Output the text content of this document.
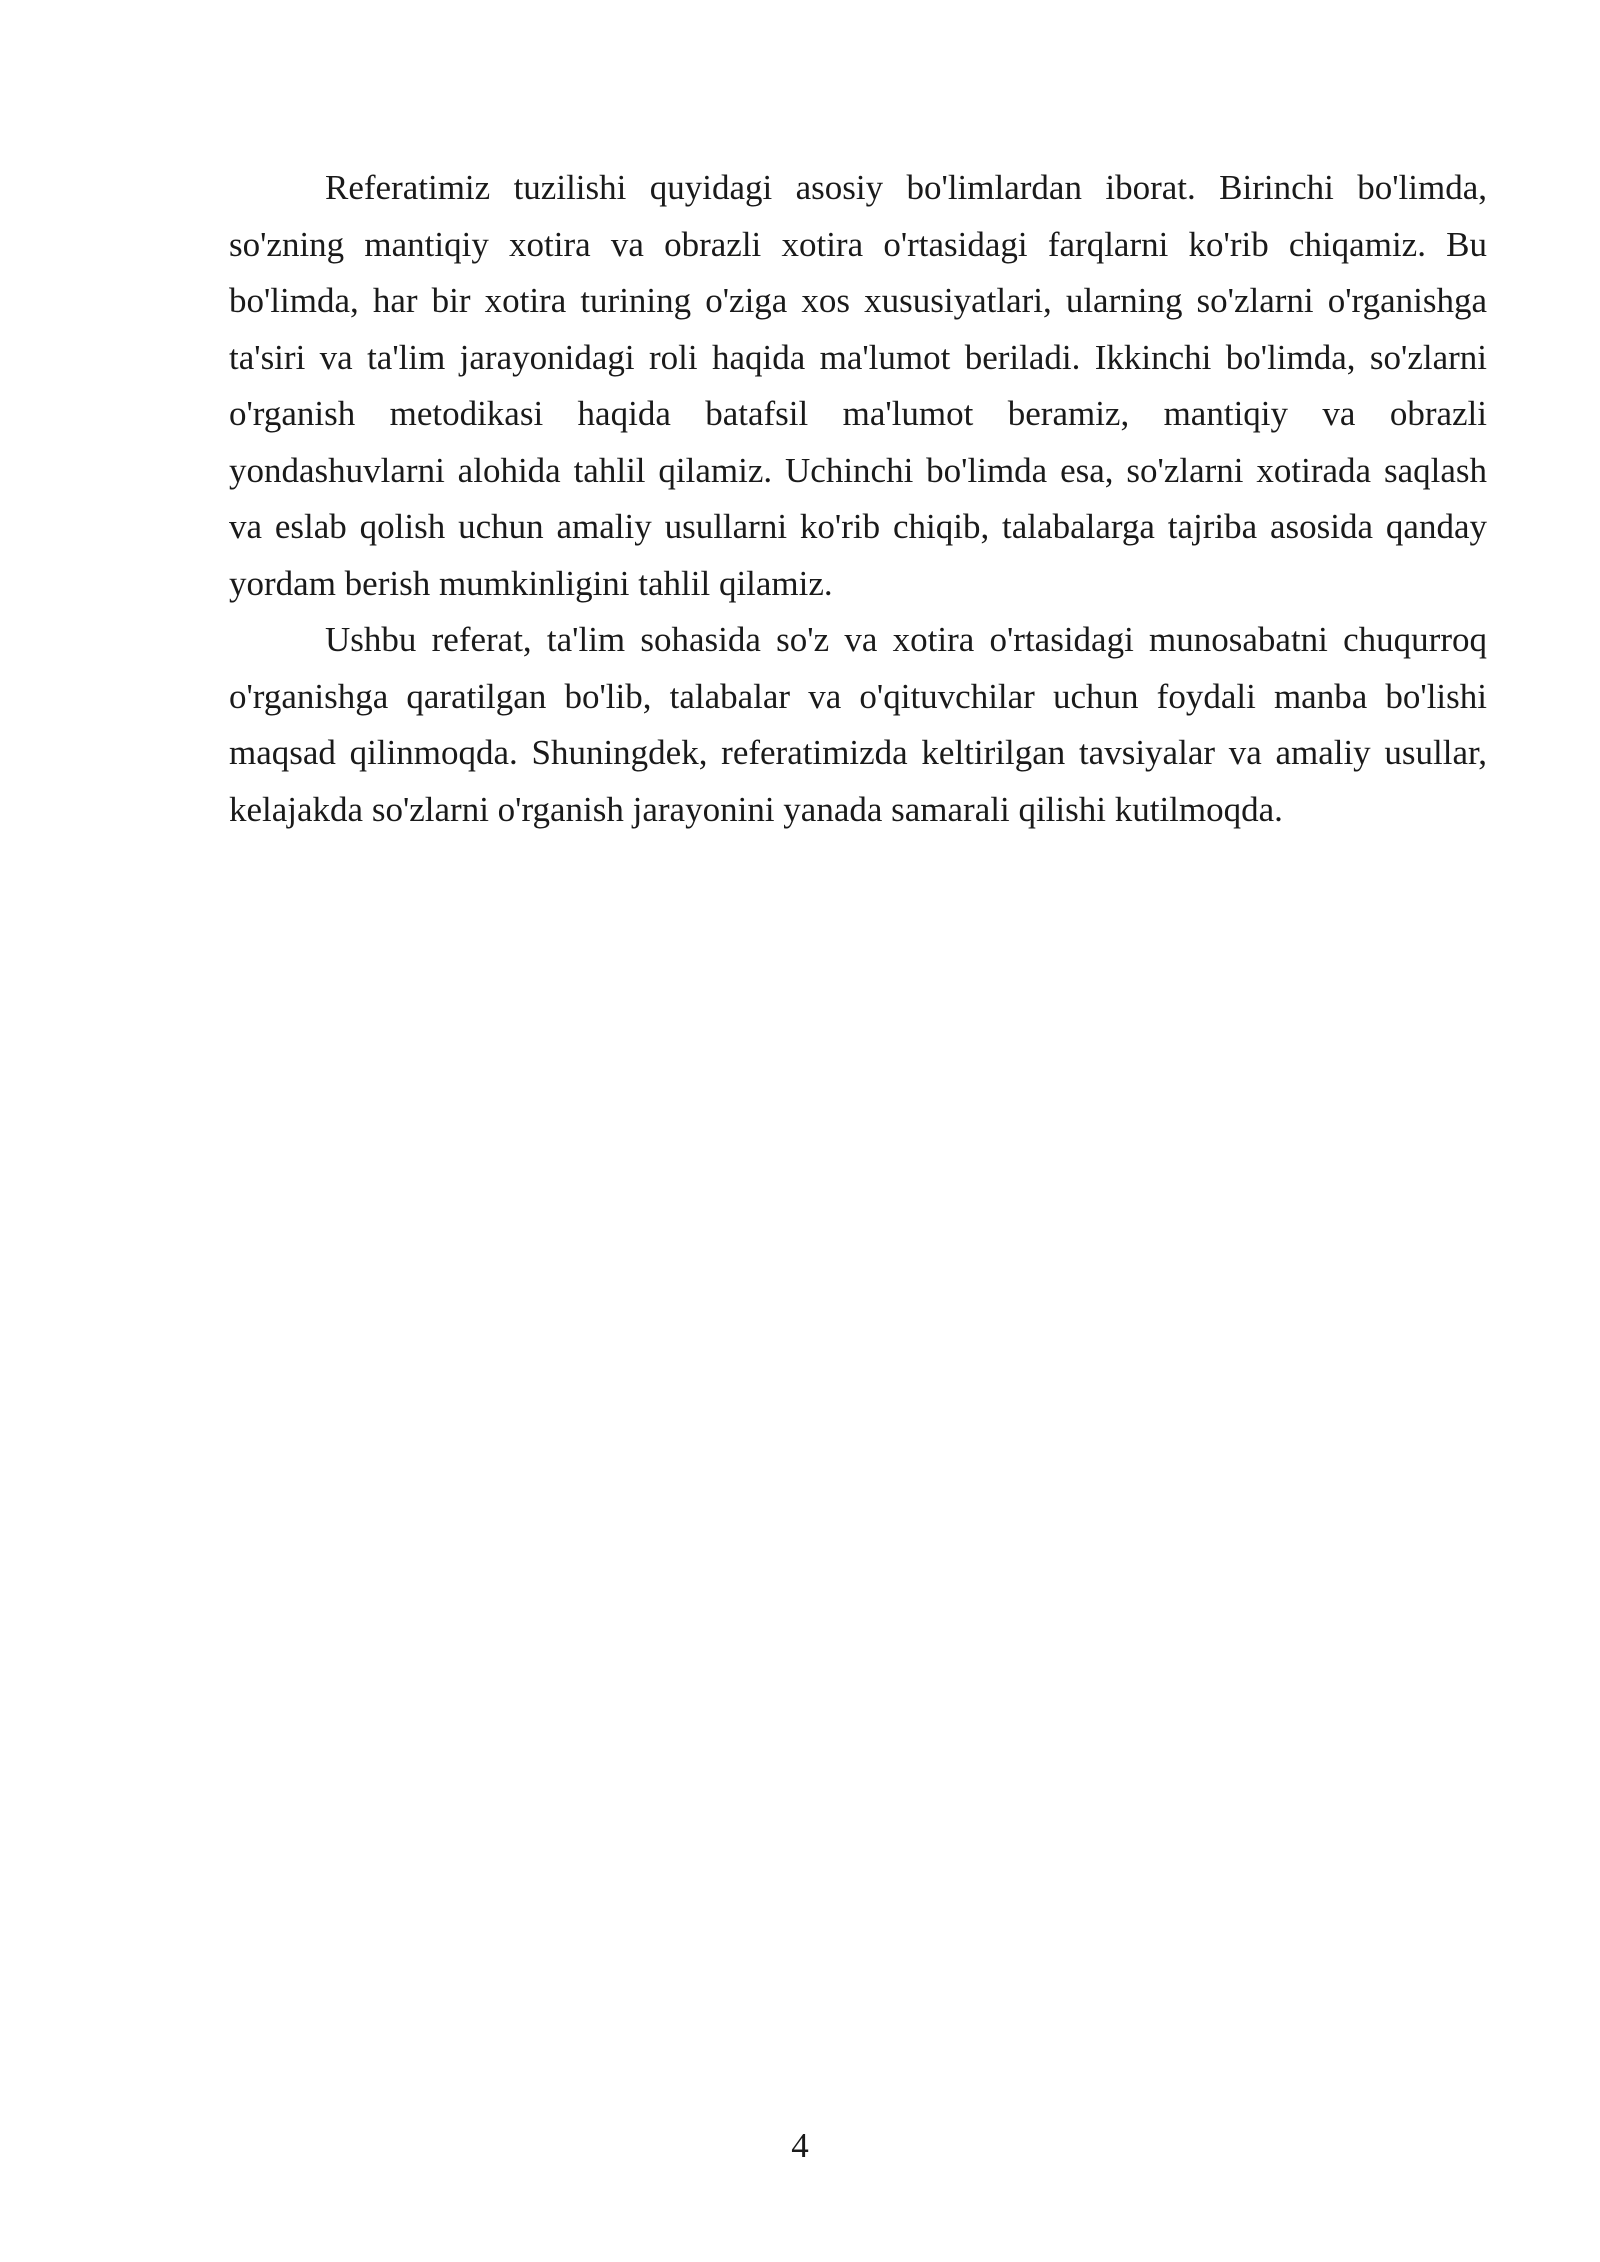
Referatimiz tuzilishi quyidagi asosiy bo'limlardan iborat. Birinchi bo'limda, so'zning mantiqiy xotira va obrazli xotira o'rtasidagi farqlarni ko'rib chiqamiz. Bu bo'limda, har bir xotira turining o'ziga xos xususiyatlari, ularning so'zlarni o'rganishga ta'siri va ta'lim jarayonidagi roli haqida ma'lumot beriladi. Ikkinchi bo'limda, so'zlarni o'rganish metodikasi haqida batafsil ma'lumot beramiz, mantiqiy va obrazli yondashuvlarni alohida tahlil qilamiz. Uchinchi bo'limda esa, so'zlarni xotirada saqlash va eslab qolish uchun amaliy usullarni ko'rib chiqib, talabalarga tajriba asosida qanday yordam berish mumkinligini tahlil qilamiz.

Ushbu referat, ta'lim sohasida so'z va xotira o'rtasidagi munosabatni chuqurroq o'rganishga qaratilgan bo'lib, talabalar va o'qituvchilar uchun foydali manba bo'lishi maqsad qilinmoqda. Shuningdek, referatimizda keltirilgan tavsiyalar va amaliy usullar, kelajakda so'zlarni o'rganish jarayonini yanada samarali qilishi kutilmoqda.

4
